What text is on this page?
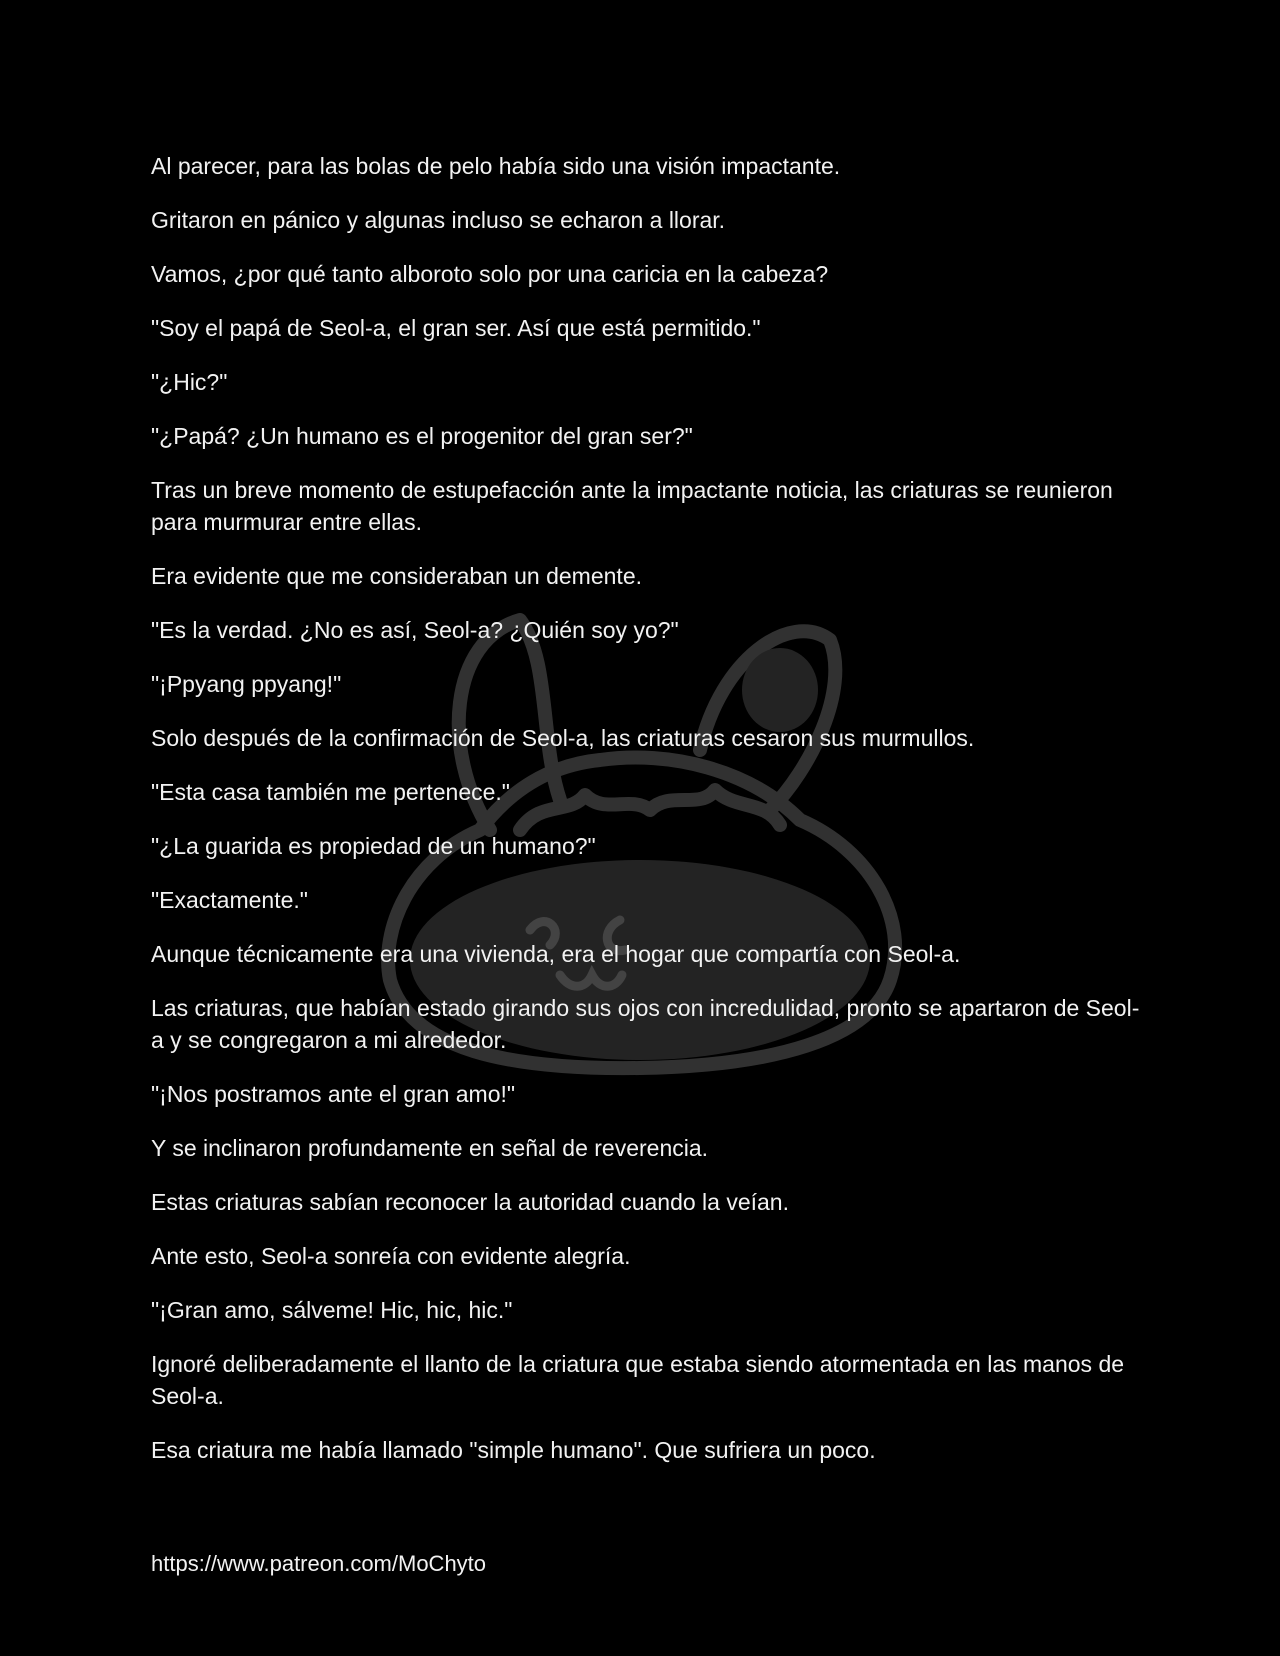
Al parecer, para las bolas de pelo había sido una visión impactante.

Gritaron en pánico y algunas incluso se echaron a llorar.

Vamos, ¿por qué tanto alboroto solo por una caricia en la cabeza?

"Soy el papá de Seol-a, el gran ser. Así que está permitido."

"¿Hic?"

"¿Papá? ¿Un humano es el progenitor del gran ser?"

Tras un breve momento de estupefacción ante la impactante noticia, las criaturas se reunieron para murmurar entre ellas.

Era evidente que me consideraban un demente.

"Es la verdad. ¿No es así, Seol-a? ¿Quién soy yo?"

"¡Ppyang ppyang!"

Solo después de la confirmación de Seol-a, las criaturas cesaron sus murmullos.

"Esta casa también me pertenece."

"¿La guarida es propiedad de un humano?"

"Exactamente."

Aunque técnicamente era una vivienda, era el hogar que compartía con Seol-a.

Las criaturas, que habían estado girando sus ojos con incredulidad, pronto se apartaron de Seol-a y se congregaron a mi alrededor.

"¡Nos postramos ante el gran amo!"

Y se inclinaron profundamente en señal de reverencia.

Estas criaturas sabían reconocer la autoridad cuando la veían.

Ante esto, Seol-a sonreía con evidente alegría.

"¡Gran amo, sálveme! Hic, hic, hic."

Ignoré deliberadamente el llanto de la criatura que estaba siendo atormentada en las manos de Seol-a.

Esa criatura me había llamado "simple humano". Que sufriera un poco.

https://www.patreon.com/MoChyto
